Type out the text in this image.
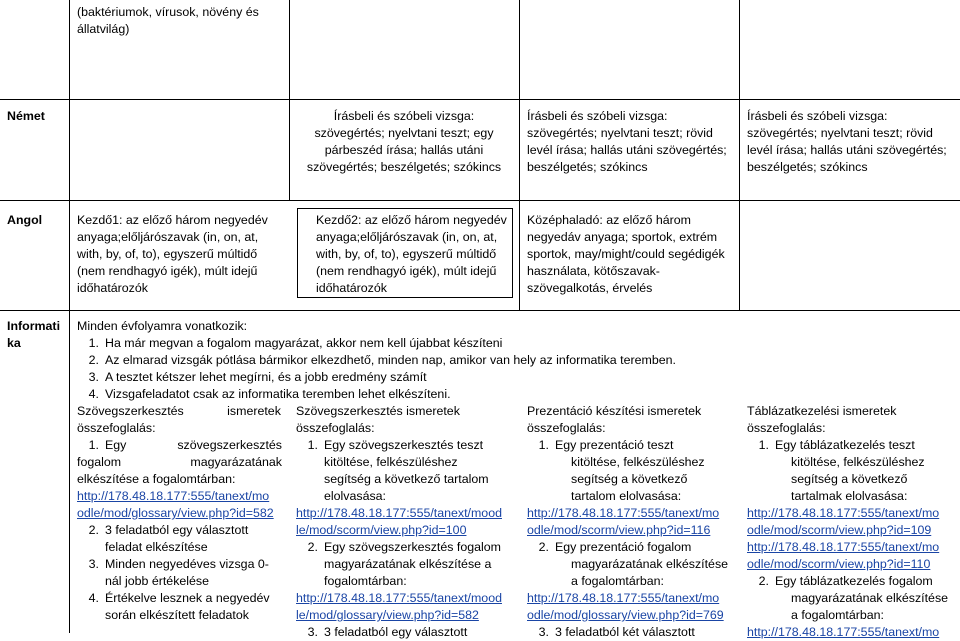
(baktériumok, vírusok, növény és
állatvilág)
Német	Írásbeli és szóbeli vizsga:
szövegértés; nyelvtani teszt; egy
párbeszéd írása; hallás utáni
szövegértés; beszélgetés; szókincs
Írásbeli és szóbeli vizsga:
szövegértés; nyelvtani teszt; rövid
levél írása; hallás utáni szövegértés;
beszélgetés; szókincs
Írásbeli és szóbeli vizsga:
szövegértés; nyelvtani teszt; rövid
levél írása; hallás utáni szövegértés;
beszélgetés; szókincs
Angol	Kezdő1: az előző három negyedév
anyaga;előljárószavak (in, on, at,
with, by, of, to), egyszerű múltidő
(nem rendhagyó igék), múlt idejű
időhatározók
Kezdő2: az előző három negyedév
anyaga;előljárószavak (in, on, at,
with, by, of, to), egyszerű múltidő
(nem rendhagyó igék), múlt idejű
időhatározók
Középhaladó: az előző három
negyedáv anyaga; sportok, extrém
sportok, may/might/could segédigék
használata, kötőszavak-
szövegalkotás, érvelés
Informati
ka
Minden évfolyamra vonatkozik:
1. Ha már megvan a fogalom magyarázat, akkor nem kell újabbat készíteni
2. Az elmarad vizsgák pótlása bármikor elkezdhető, minden nap, amikor van hely az informatika teremben.
3. A tesztet kétszer lehet megírni, és a jobb eredmény számít
4. Vizsgafeladatot csak az informatika teremben lehet elkészíteni.
Szövegszerkesztés ismeretek
összefoglalás:
1. Egy szövegszerkesztés
fogalom magyarázatának
elkészítése a fogalomtárban:
http://178.48.18.177:555/tanext/mo
odle/mod/glossary/view.php?id=582
2. 3 feladatból egy választott
feladat elkészítése
3. Minden negyedéves vizsga 0-
nál jobb értékelése
4. Értékelve lesznek a negyedév
során elkészített feladatok
Szövegszerkesztés ismeretek
összefoglalás:
1. Egy szövegszerkesztés teszt
kitöltése, felkészüléshez
segítség a következő tartalom
elolvasása:
http://178.48.18.177:555/tanext/mood
le/mod/scorm/view.php?id=100
2. Egy szövegszerkesztés fogalom
magyarázatának elkészítése a
fogalomtárban:
http://178.48.18.177:555/tanext/mood
le/mod/glossary/view.php?id=582
3. 3 feladatból egy választott
Prezentáció készítési ismeretek
összefoglalás:
1. Egy prezentáció teszt
kitöltése, felkészüléshez
segítség a következő
tartalom elolvasása:
http://178.48.18.177:555/tanext/mo
odle/mod/scorm/view.php?id=116
2. Egy prezentáció fogalom
magyarázatának elkészítése
a fogalomtárban:
http://178.48.18.177:555/tanext/mo
odle/mod/glossary/view.php?id=769
3. 3 feladatból két választott
Táblázatkezelési ismeretek
összefoglalás:
1. Egy táblázatkezelés teszt
kitöltése, felkészüléshez
segítség a következő
tartalmak elolvasása:
http://178.48.18.177:555/tanext/mo
odle/mod/scorm/view.php?id=109
http://178.48.18.177:555/tanext/mo
odle/mod/scorm/view.php?id=110
2. Egy táblázatkezelés fogalom
magyarázatának elkészítése
a fogalomtárban:
http://178.48.18.177:555/tanext/mo
